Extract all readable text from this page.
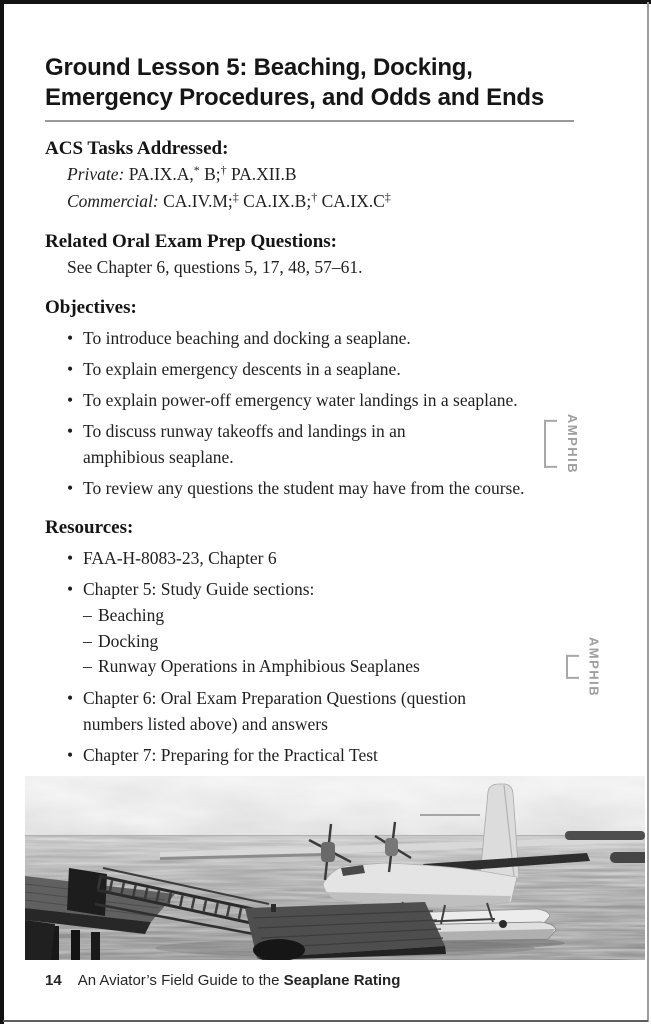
Ground Lesson 5: Beaching, Docking,
Emergency Procedures, and Odds and Ends
ACS Tasks Addressed:
Private: PA.IX.A,* B;† PA.XII.B
Commercial: CA.IV.M;‡ CA.IX.B;† CA.IX.C‡
Related Oral Exam Prep Questions:
See Chapter 6, questions 5, 17, 48, 57–61.
Objectives:
• To introduce beaching and docking a seaplane.
• To explain emergency descents in a seaplane.
• To explain power-off emergency water landings in a seaplane.
• To discuss runway takeoffs and landings in an amphibious seaplane.	AMPHIB
• To review any questions the student may have from the course.
Resources:
• FAA-H-8083-23, Chapter 6
• Chapter 5: Study Guide sections:
– Beaching
– Docking
– Runway Operations in Amphibious Seaplanes	AMPHIB
• Chapter 6: Oral Exam Preparation Questions (question numbers listed above) and answers
• Chapter 7: Preparing for the Practical Test
14 An Aviator’s Field Guide to the Seaplane Rating
